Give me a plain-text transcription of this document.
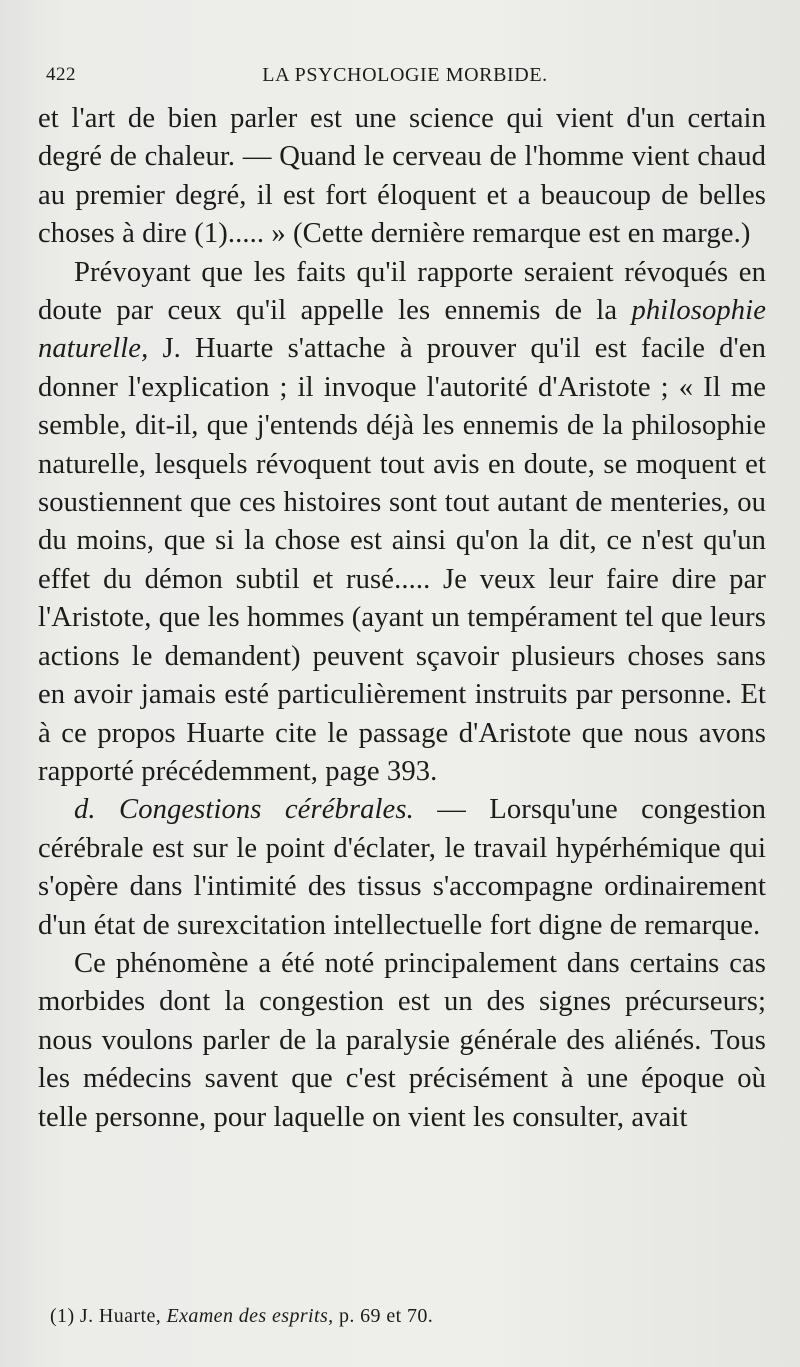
422	LA PSYCHOLOGIE MORBIDE.

et l'art de bien parler est une science qui vient d'un certain degré de chaleur. — Quand le cerveau de l'homme vient chaud au premier degré, il est fort éloquent et a beaucoup de belles choses à dire (1)..... » (Cette dernière remarque est en marge.)

Prévoyant que les faits qu'il rapporte seraient révoqués en doute par ceux qu'il appelle les ennemis de la philosophie naturelle, J. Huarte s'attache à prouver qu'il est facile d'en donner l'explication ; il invoque l'autorité d'Aristote ; « Il me semble, dit-il, que j'entends déjà les ennemis de la philosophie naturelle, lesquels révoquent tout avis en doute, se moquent et soustiennent que ces histoires sont tout autant de menteries, ou du moins, que si la chose est ainsi qu'on la dit, ce n'est qu'un effet du démon subtil et rusé..... Je veux leur faire dire par l'Aristote, que les hommes (ayant un tempérament tel que leurs actions le demandent) peuvent sçavoir plusieurs choses sans en avoir jamais esté particulièrement instruits par personne. Et à ce propos Huarte cite le passage d'Aristote que nous avons rapporté précédemment, page 393.

d. Congestions cérébrales. — Lorsqu'une congestion cérébrale est sur le point d'éclater, le travail hypérhémique qui s'opère dans l'intimité des tissus s'accompagne ordinairement d'un état de surexcitation intellectuelle fort digne de remarque.

Ce phénomène a été noté principalement dans certains cas morbides dont la congestion est un des signes précurseurs; nous voulons parler de la paralysie générale des aliénés. Tous les médecins savent que c'est précisément à une époque où telle personne, pour laquelle on vient les consulter, avait

(1) J. Huarte, Examen des esprits, p. 69 et 70.
